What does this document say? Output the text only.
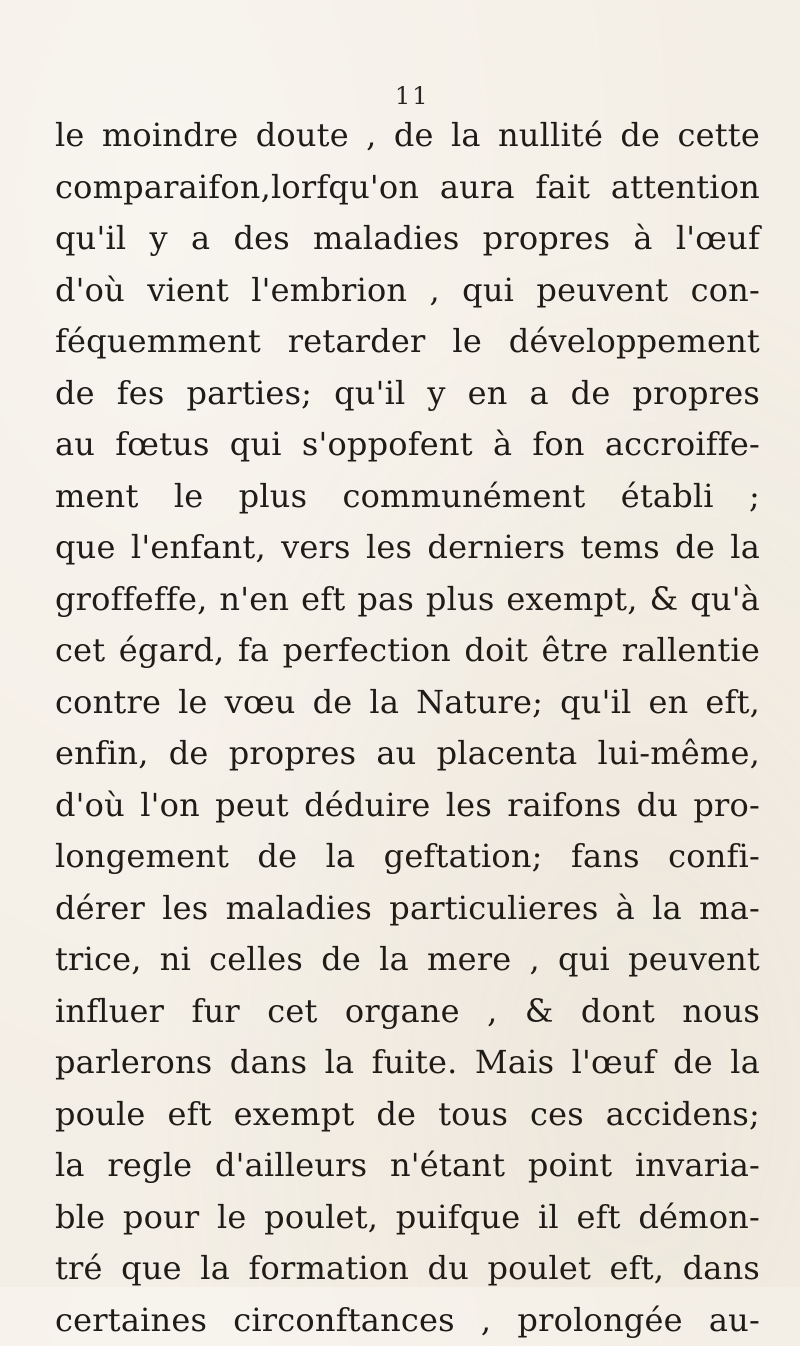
11
le moindre doute , de la nullité de cette
comparaifon,lorfqu'on aura fait attention
qu'il y a des maladies propres à l'œuf
d'où vient l'embrion , qui peuvent con-
féquemment retarder le développement
de fes parties; qu'il y en a de propres
au fœtus qui s'oppofent à fon accroiffe-
ment le plus communément établi ;
que l'enfant, vers les derniers tems de la
groffeffe, n'en eft pas plus exempt, & qu'à
cet égard, fa perfection doit être rallentie
contre le vœu de la Nature; qu'il en eft,
enfin, de propres au placenta lui-même,
d'où l'on peut déduire les raifons du pro-
longement de la geftation; fans confi-
dérer les maladies particulieres à la ma-
trice, ni celles de la mere , qui peuvent
influer fur cet organe , & dont nous
parlerons dans la fuite. Mais l'œuf de la
poule eft exempt de tous ces accidens;
la regle d'ailleurs n'étant point invaria-
ble pour le poulet, puifque il eft démon-
tré que la formation du poulet eft, dans
certaines circonftances , prolongée au-
